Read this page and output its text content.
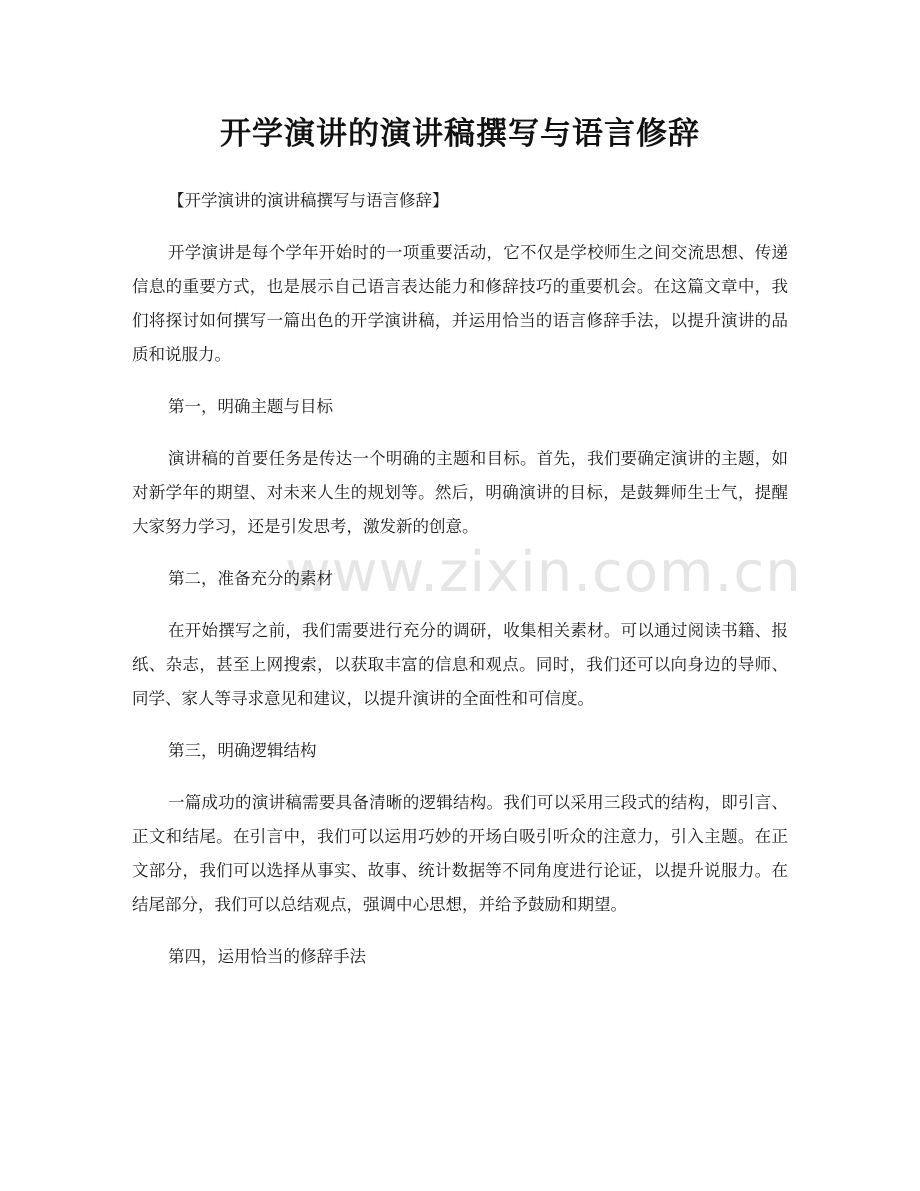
开学演讲的演讲稿撰写与语言修辞
www.zixin.com.cn

【开学演讲的演讲稿撰写与语言修辞】

开学演讲是每个学年开始时的一项重要活动，它不仅是学校师生之间交流思想、传递信息的重要方式，也是展示自己语言表达能力和修辞技巧的重要机会。在这篇文章中，我们将探讨如何撰写一篇出色的开学演讲稿，并运用恰当的语言修辞手法，以提升演讲的品质和说服力。

第一，明确主题与目标

演讲稿的首要任务是传达一个明确的主题和目标。首先，我们要确定演讲的主题，如对新学年的期望、对未来人生的规划等。然后，明确演讲的目标，是鼓舞师生士气，提醒大家努力学习，还是引发思考，激发新的创意。

第二，准备充分的素材

在开始撰写之前，我们需要进行充分的调研，收集相关素材。可以通过阅读书籍、报纸、杂志，甚至上网搜索，以获取丰富的信息和观点。同时，我们还可以向身边的导师、同学、家人等寻求意见和建议，以提升演讲的全面性和可信度。

第三，明确逻辑结构

一篇成功的演讲稿需要具备清晰的逻辑结构。我们可以采用三段式的结构，即引言、正文和结尾。在引言中，我们可以运用巧妙的开场白吸引听众的注意力，引入主题。在正文部分，我们可以选择从事实、故事、统计数据等不同角度进行论证，以提升说服力。在结尾部分，我们可以总结观点，强调中心思想，并给予鼓励和期望。

第四，运用恰当的修辞手法
